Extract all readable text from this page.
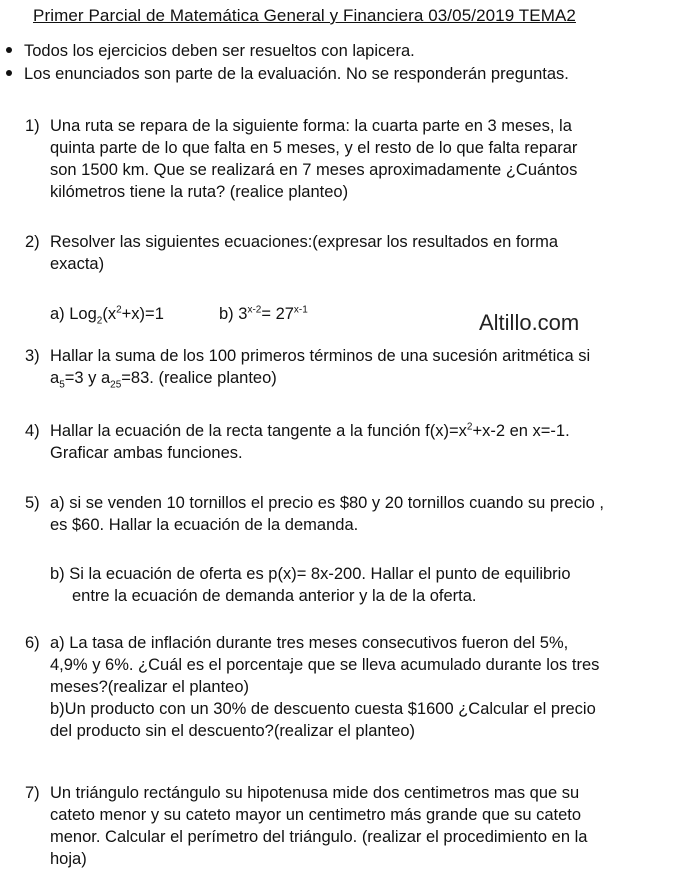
Primer Parcial de Matemática General y Financiera 03/05/2019 TEMA2
Todos los ejercicios deben ser resueltos con lapicera.
Los enunciados son parte de la evaluación. No se responderán preguntas.
1) Una ruta se repara de la siguiente forma: la cuarta parte en 3 meses, la

quinta parte de lo que falta en 5 meses, y el resto de lo que falta reparar

son 1500 km. Que se realizará en 7 meses aproximadamente ¿Cuántos

kilómetros tiene la ruta? (realice planteo)

2) Resolver las siguientes ecuaciones:(expresar los resultados en forma

exacta)

a) $Log_2(x^2+x)=1$	b) $3^{x-2}= 27^{x-1}$	Altillo.com
3) Hallar la suma de los 100 primeros términos de una sucesión aritmética si

$a_5=3$ y $a_{25}=83$. (realice planteo)

4) Hallar la ecuación de la recta tangente a la función $f(x)=x^2+x-2$ en x=-1.

Graficar ambas funciones.

5) a) si se venden 10 tornillos el precio es $80 y 20 tornillos cuando su precio ,

es $60. Hallar la ecuación de la demanda.

b) Si la ecuación de oferta es p(x)= 8x-200. Hallar el punto de equilibrio

entre la ecuación de demanda anterior y la de la oferta.

6) a) La tasa de inflación durante tres meses consecutivos fueron del 5%,

4,9% y 6%. ¿Cuál es el porcentaje que se lleva acumulado durante los tres

meses?(realizar el planteo)

b)Un producto con un 30% de descuento cuesta $1600 ¿Calcular el precio

del producto sin el descuento?(realizar el planteo)

7) Un triángulo rectángulo su hipotenusa mide dos centimetros mas que su

cateto menor y su cateto mayor un centimetro más grande que su cateto

menor. Calcular el perímetro del triángulo. (realizar el procedimiento en la

hoja)
